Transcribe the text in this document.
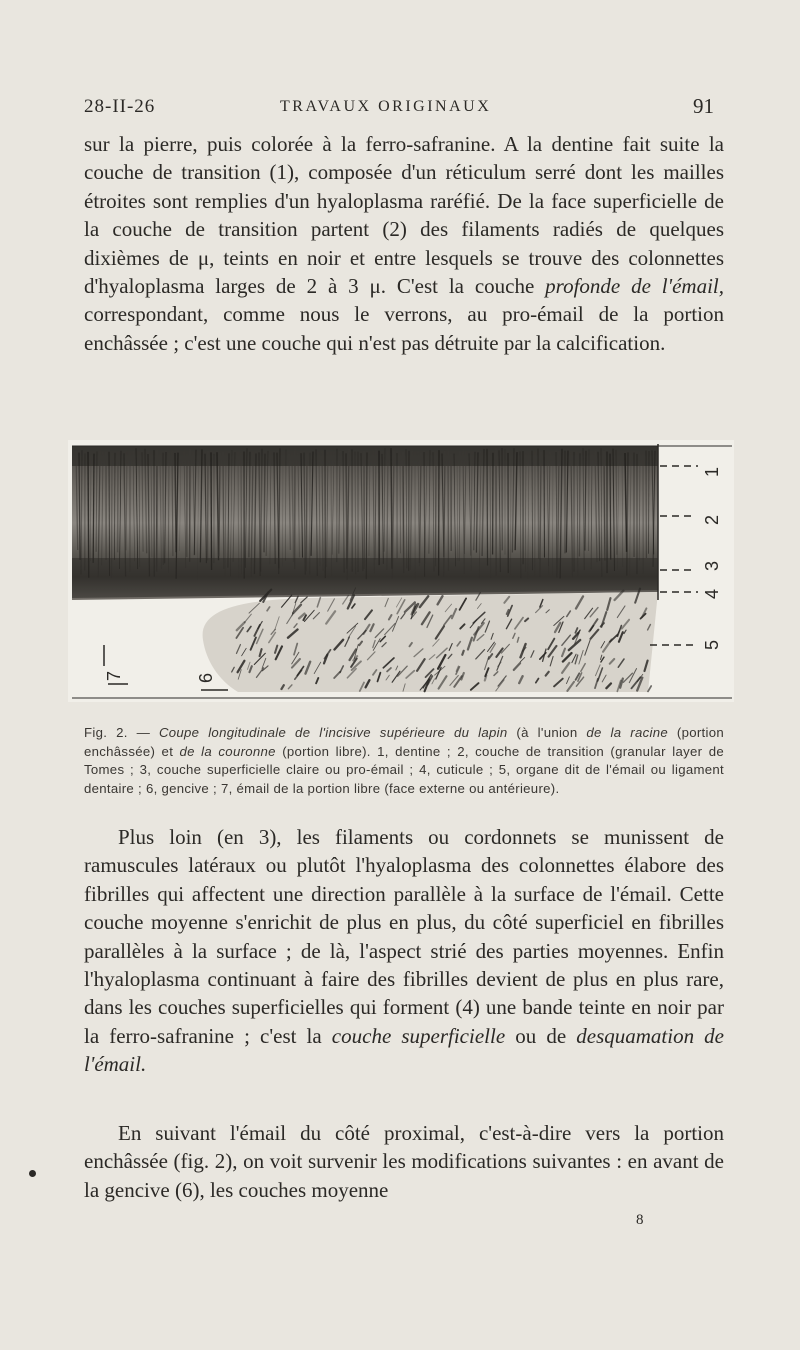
28-II-26	TRAVAUX ORIGINAUX	91

sur la pierre, puis colorée à la ferro-safranine. A la dentine fait suite la couche de transition (1), composée d'un réticulum serré dont les mailles étroites sont remplies d'un hyaloplasma raréfié. De la face superficielle de la couche de transition partent (2) des filaments radiés de quelques dixièmes de μ, teints en noir et entre lesquels se trouve des colonnettes d'hyaloplasma larges de 2 à 3 μ. C'est la couche profonde de l'émail, correspondant, comme nous le verrons, au pro-émail de la portion enchâssée ; c'est une couche qui n'est pas détruite par la calcification.

1
2
3
4
5
6
7

Fig. 2. — Coupe longitudinale de l'incisive supérieure du lapin (à l'union de la racine (portion enchâssée) et de la couronne (portion libre). 1, dentine ; 2, couche de transition (granular layer de Tomes ; 3, couche superficielle claire ou pro-émail ; 4, cuticule ; 5, organe dit de l'émail ou ligament dentaire ; 6, gencive ; 7, émail de la portion libre (face externe ou antérieure).

Plus loin (en 3), les filaments ou cordonnets se munissent de ramuscules latéraux ou plutôt l'hyaloplasma des colonnettes élabore des fibrilles qui affectent une direction parallèle à la surface de l'émail. Cette couche moyenne s'enrichit de plus en plus, du côté superficiel en fibrilles parallèles à la surface ; de là, l'aspect strié des parties moyennes. Enfin l'hyaloplasma continuant à faire des fibrilles devient de plus en plus rare, dans les couches superficielles qui forment (4) une bande teinte en noir par la ferro-safranine ; c'est la couche superficielle ou de desquamation de l'émail.

En suivant l'émail du côté proximal, c'est-à-dire vers la portion enchâssée (fig. 2), on voit survenir les modifications suivantes : en avant de la gencive (6), les couches moyenne

8
